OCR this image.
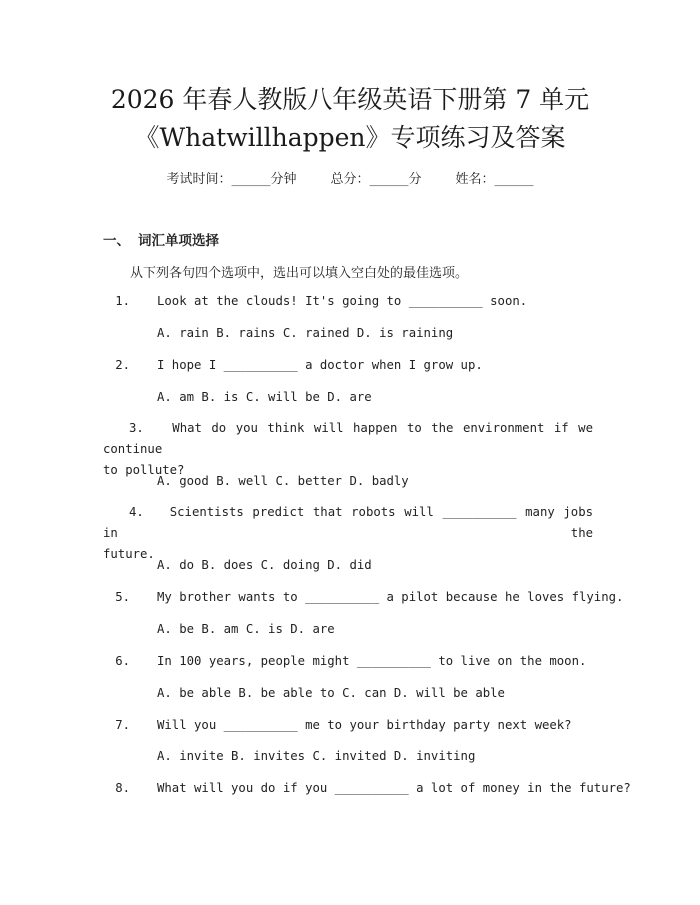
2026 年春人教版八年级英语下册第 7 单元
《Whatwillhappen》专项练习及答案
考试时间：______分钟	总分：______分	姓名：______
一、 词汇单项选择
从下列各句四个选项中，选出可以填入空白处的最佳选项。
1. Look at the clouds! It's going to __________ soon.
A. rain B. rains C. rained D. is raining
2. I hope I __________ a doctor when I grow up.
A. am B. is C. will be D. are
3. What do you think will happen to the environment if we continue
to pollute?
A. good B. well C. better D. badly
4. Scientists predict that robots will __________ many jobs in the
future.
A. do B. does C. doing D. did
5. My brother wants to __________ a pilot because he loves flying.
A. be B. am C. is D. are
6. In 100 years, people might __________ to live on the moon.
A. be able B. be able to C. can D. will be able
7. Will you __________ me to your birthday party next week?
A. invite B. invites C. invited D. inviting
8. What will you do if you __________ a lot of money in the future?
